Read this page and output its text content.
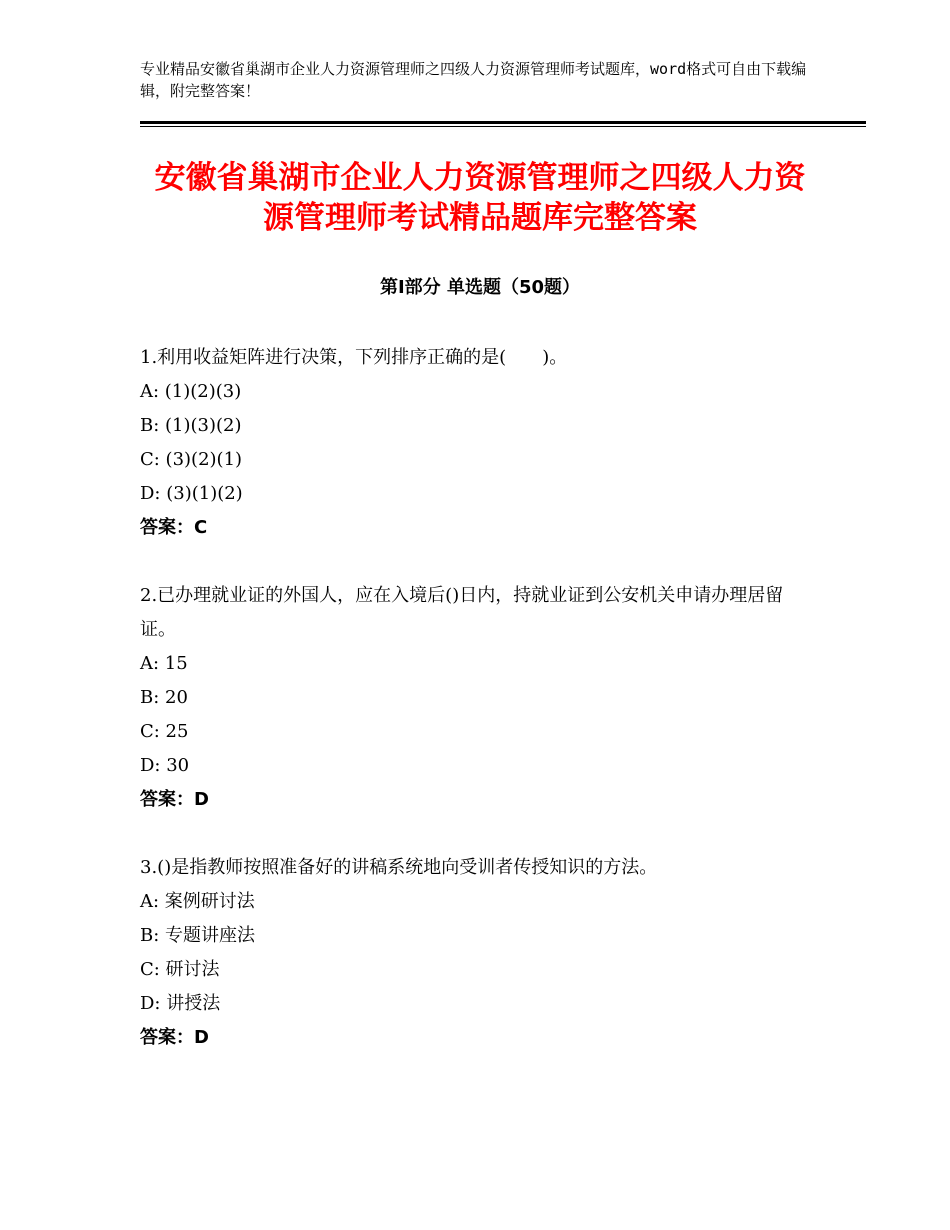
专业精品安徽省巢湖市企业人力资源管理师之四级人力资源管理师考试题库，word格式可自由下载编辑，附完整答案！
安徽省巢湖市企业人力资源管理师之四级人力资源管理师考试精品题库完整答案
第Ⅰ部分 单选题（50题）

1.利用收益矩阵进行决策，下列排序正确的是(　　)。

A: (1)(2)(3)

B: (1)(3)(2)

C: (3)(2)(1)

D: (3)(1)(2)

答案：C

2.已办理就业证的外国人，应在入境后()日内，持就业证到公安机关申请办理居留证。

A: 15

B: 20

C: 25

D: 30

答案：D

3.()是指教师按照准备好的讲稿系统地向受训者传授知识的方法。

A: 案例研讨法

B: 专题讲座法

C: 研讨法

D: 讲授法

答案：D
